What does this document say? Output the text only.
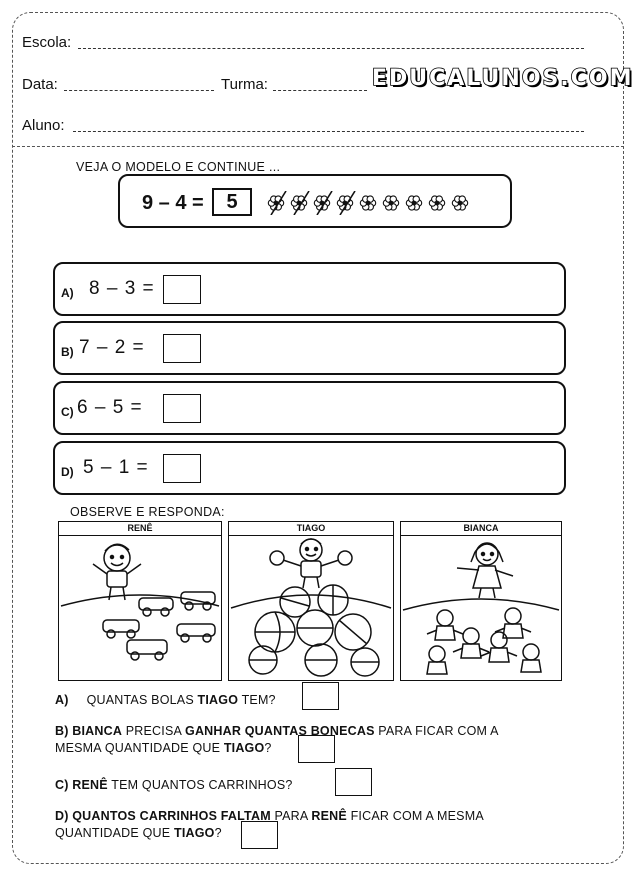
Escola:
Data:	Turma:	EDUCALUNOS.COM
Aluno:
VEJA O MODELO E CONTINUE ...
9 – 4 =	5
A) 8 – 3 =
B) 7 – 2 =
C) 6 – 5 =
D) 5 – 1 =
OBSERVE E RESPONDA:
RENÊ	TIAGO	BIANCA
A) QUANTAS BOLAS TIAGO TEM?
B) BIANCA PRECISA GANHAR QUANTAS BONECAS PARA FICAR COM A
MESMA QUANTIDADE QUE TIAGO?
C) RENÊ TEM QUANTOS CARRINHOS?
D) QUANTOS CARRINHOS FALTAM PARA RENÊ FICAR COM A MESMA
QUANTIDADE QUE TIAGO?
